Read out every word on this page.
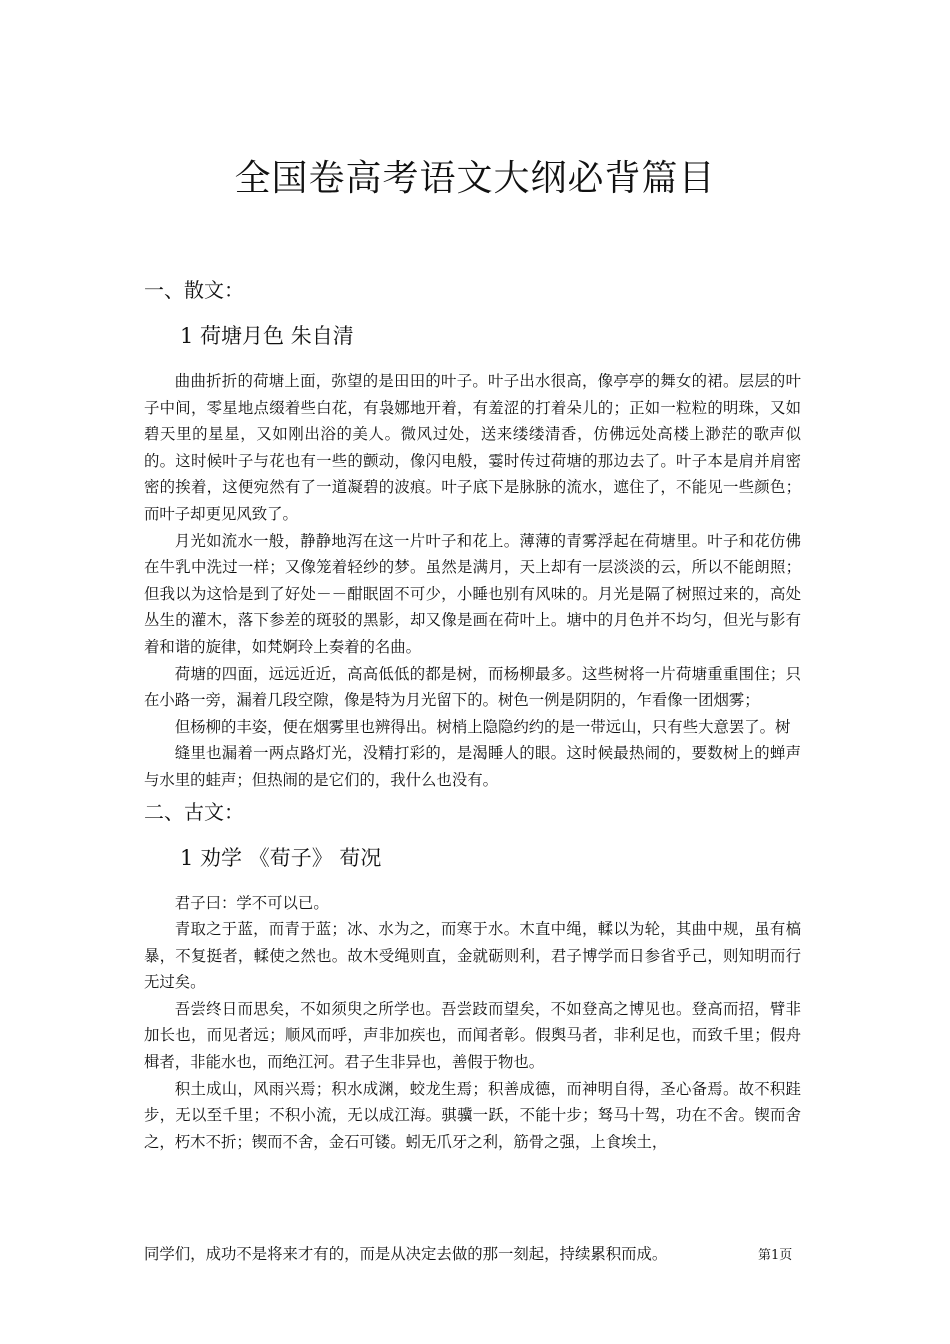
全国卷高考语文大纲必背篇目

一、散文：

1 荷塘月色 朱自清

曲曲折折的荷塘上面，弥望的是田田的叶子。叶子出水很高，像亭亭的舞女的裙。层层的叶子中间，零星地点缀着些白花，有袅娜地开着，有羞涩的打着朵儿的；正如一粒粒的明珠，又如碧天里的星星，又如刚出浴的美人。微风过处，送来缕缕清香，仿佛远处高楼上渺茫的歌声似的。这时候叶子与花也有一些的颤动，像闪电般，霎时传过荷塘的那边去了。叶子本是肩并肩密密的挨着，这便宛然有了一道凝碧的波痕。叶子底下是脉脉的流水，遮住了，不能见一些颜色；而叶子却更见风致了。

月光如流水一般，静静地泻在这一片叶子和花上。薄薄的青雾浮起在荷塘里。叶子和花仿佛在牛乳中洗过一样；又像笼着轻纱的梦。虽然是满月，天上却有一层淡淡的云，所以不能朗照；但我以为这恰是到了好处－－酣眠固不可少，小睡也别有风味的。月光是隔了树照过来的，高处丛生的灌木，落下参差的斑驳的黑影，却又像是画在荷叶上。塘中的月色并不均匀，但光与影有着和谐的旋律，如梵婀玲上奏着的名曲。

荷塘的四面，远远近近，高高低低的都是树，而杨柳最多。这些树将一片荷塘重重围住；只在小路一旁，漏着几段空隙，像是特为月光留下的。树色一例是阴阴的，乍看像一团烟雾；

但杨柳的丰姿，便在烟雾里也辨得出。树梢上隐隐约约的是一带远山，只有些大意罢了。树

缝里也漏着一两点路灯光，没精打彩的，是渴睡人的眼。这时候最热闹的，要数树上的蝉声 与水里的蛙声；但热闹的是它们的，我什么也没有。

二、古文：

1 劝学 《荀子》 荀况

君子曰：学不可以已。

青取之于蓝，而青于蓝；冰、水为之，而寒于水。木直中绳，輮以为轮，其曲中规，虽有槁暴，不复挺者，輮使之然也。故木受绳则直，金就砺则利，君子博学而日参省乎己，则知明而行无过矣。

吾尝终日而思矣，不如须臾之所学也。吾尝跂而望矣，不如登高之博见也。登高而招，臂非加长也，而见者远；顺风而呼，声非加疾也，而闻者彰。假舆马者，非利足也，而致千里；假舟楫者，非能水也，而绝江河。君子生非异也，善假于物也。

积土成山，风雨兴焉；积水成渊，蛟龙生焉；积善成德，而神明自得，圣心备焉。故不积跬步，无以至千里；不积小流，无以成江海。骐骥一跃，不能十步；驽马十驾，功在不舍。锲而舍之，朽木不折；锲而不舍，金石可镂。蚓无爪牙之利，筋骨之强，上食埃土，

同学们，成功不是将来才有的，而是从决定去做的那一刻起，持续累积而成。	第1页
